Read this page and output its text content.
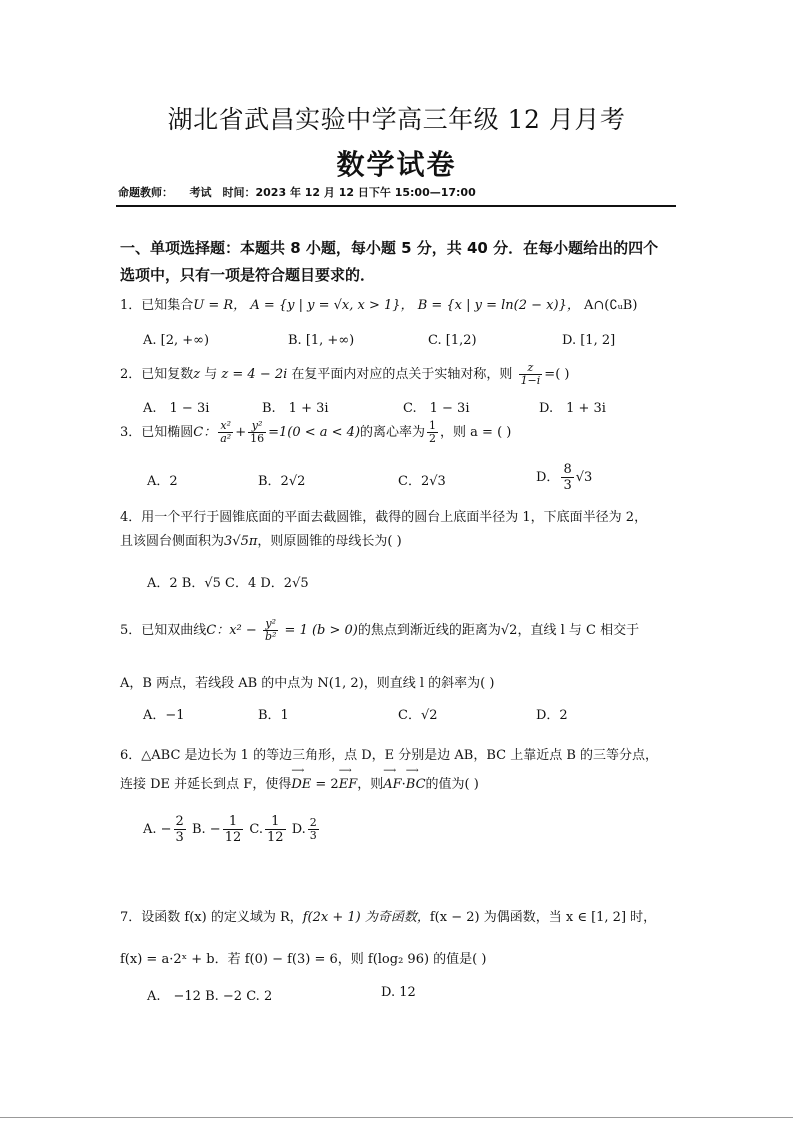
湖北省武昌实验中学高三年级 12 月月考
数学试卷
命题教师：　　考试　时间：2023 年 12 月 12 日下午 15:00—17:00
一、单项选择题：本题共 8 小题，每小题 5 分，共 40 分．在每小题给出的四个
选项中，只有一项是符合题目要求的．
1．已知集合U = R， A = {y | y = √x, x > 1}， B = {x | y = ln(2 − x)}， A∩(∁ᵤB)
A. [2, +∞)	B. [1, +∞)	C. [1,2)	D. [1, 2]
2．已知复数z 与 z = 4 − 2i 在复平面内对应的点关于实轴对称，则 $\frac{z}{1-i}$ =( )
A.　1 − 3i	B.　1 + 3i	C.　1 − 3i	D.　1 + 3i
3．已知椭圆C： $\frac{\text{x²}}{\text{a²}} + \frac{\text{y²}}{16} =1(0 < a < 4)$的离心率为 $\frac{1}{2}$ ，则 a = ( )
A．2	B．2√2	C．2√3	D． $\frac{8}{3} √3$
4．用一个平行于圆锥底面的平面去截圆锥，截得的圆台上底面半径为 1，下底面半径为 2，
且该圆台侧面积为3√5π，则原圆锥的母线长为( )
A．2 B．√5 C．4 D．2√5
5．已知双曲线C：$x^2 - \frac{\text{y²}}{\text{b²}} = 1$ (b > 0)的焦点到渐近线的距离为√2，直线 l 与 C 相交于
A，B 两点，若线段 AB 的中点为 N(1, 2)，则直线 l 的斜率为( )
A．−1	B．1	C．√2	D．2
6．△ABC 是边长为 1 的等边三角形，点 D，E 分别是边 AB，BC 上靠近点 B 的三等分点，
连接 DE 并延长到点 F，使得⟶ DE = 2⟶ EF，则⟶ AF·⟶ BC的值为( )
A. − $\frac{2}{3} B$. − $\frac{1}{12} C$. $\frac{1}{12} D$. $\frac{2}{3}$
7．设函数 f(x) 的定义域为 R，f(2x + 1) 为奇函数，f(x − 2) 为偶函数，当 x ∈ [1, 2] 时，
f(x) = a·2ˣ + b．若 f(0) − f(3) = 6，则 f(log₂ 96) 的值是( )
A.　−12 B. −2 C. 2	D. 12
